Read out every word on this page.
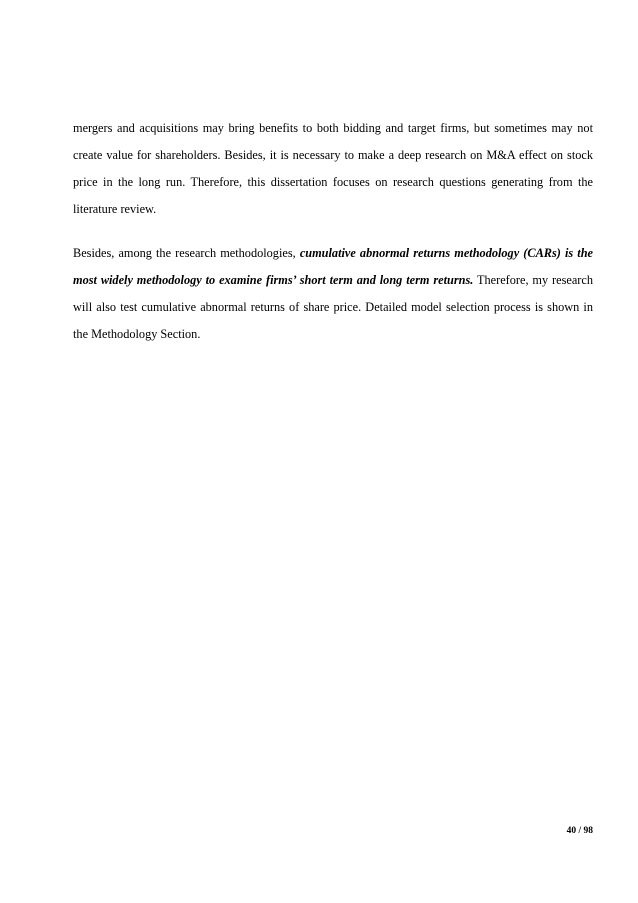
mergers and acquisitions may bring benefits to both bidding and target firms, but sometimes may not create value for shareholders. Besides, it is necessary to make a deep research on M&A effect on stock price in the long run. Therefore, this dissertation focuses on research questions generating from the literature review.

Besides, among the research methodologies, cumulative abnormal returns methodology (CARs) is the most widely methodology to examine firms’ short term and long term returns. Therefore, my research will also test cumulative abnormal returns of share price. Detailed model selection process is shown in the Methodology Section.

40 / 98
